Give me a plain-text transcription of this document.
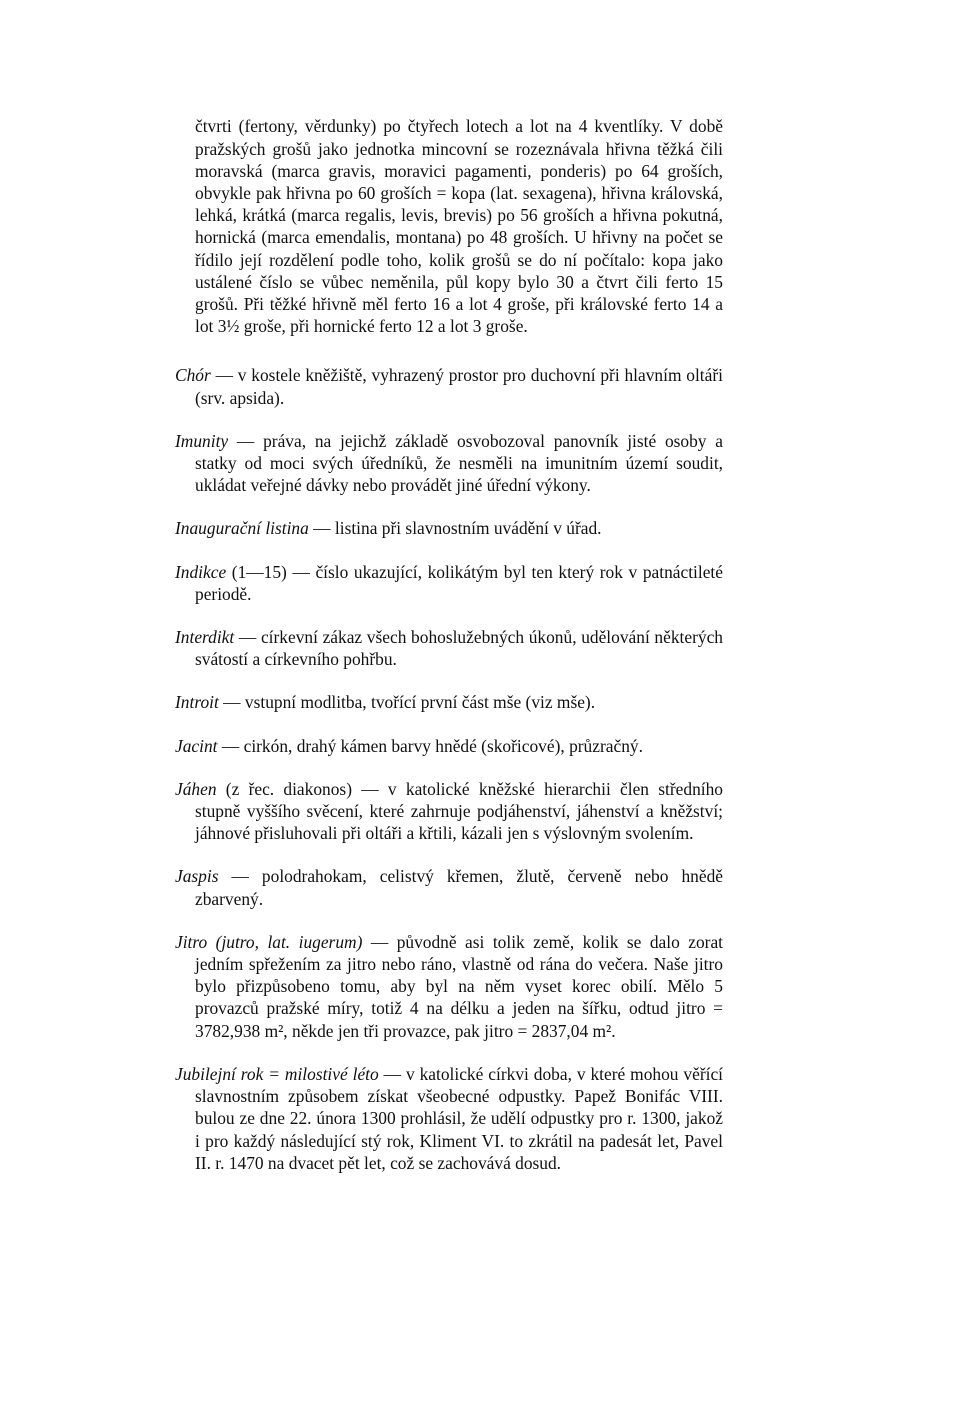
čtvrti (fertony, věrdunky) po čtyřech lotech a lot na 4 kventlíky. V době pražských grošů jako jednotka mincovní se rozeznávala hřivna těžká čili moravská (marca gravis, moravici pagamenti, ponderis) po 64 groších, obvykle pak hřivna po 60 groších = kopa (lat. sexagena), hřivna královská, lehká, krátká (marca regalis, levis, brevis) po 56 groších a hřivna pokutná, hornická (marca emendalis, montana) po 48 groších. U hřivny na počet se řídilo její rozdělení podle toho, kolik grošů se do ní počítalo: kopa jako ustálené číslo se vůbec neměnila, půl kopy bylo 30 a čtvrt čili ferto 15 grošů. Při těžké hřivně měl ferto 16 a lot 4 groše, při královské ferto 14 a lot 3½ groše, při hornické ferto 12 a lot 3 groše.

Chór — v kostele kněžiště, vyhrazený prostor pro duchovní při hlavním oltáři (srv. apsida).
Imunity — práva, na jejichž základě osvobozoval panovník jisté osoby a statky od moci svých úředníků, že nesměli na imunitním území soudit, ukládat veřejné dávky nebo provádět jiné úřední výkony.
Inaugurační listina — listina při slavnostním uvádění v úřad.
Indikce (1—15) — číslo ukazující, kolikátým byl ten který rok v patnáctileté periodě.
Interdikt — církevní zákaz všech bohoslužebných úkonů, udělování některých svátostí a církevního pohřbu.
Introit — vstupní modlitba, tvořící první část mše (viz mše).
Jacint — cirkón, drahý kámen barvy hnědé (skořicové), průzračný.
Jáhen (z řec. diakonos) — v katolické kněžské hierarchii člen středního stupně vyššího svěcení, které zahrnuje podjáhenství, jáhenství a kněžství; jáhnové přisluhovali při oltáři a křtili, kázali jen s výslovným svolením.
Jaspis — polodrahokam, celistvý křemen, žlutě, červeně nebo hnědě zbarvený.
Jitro (jutro, lat. iugerum) — původně asi tolik země, kolik se dalo zorat jedním spřežením za jitro nebo ráno, vlastně od rána do večera. Naše jitro bylo přizpůsobeno tomu, aby byl na něm vyset korec obilí. Mělo 5 provazců pražské míry, totiž 4 na délku a jeden na šířku, odtud jitro = 3782,938 m², někde jen tři provazce, pak jitro = 2837,04 m².
Jubilejní rok = milostivé léto — v katolické církvi doba, v které mohou věřící slavnostním způsobem získat všeobecné odpustky. Papež Bonifác VIII. bulou ze dne 22. února 1300 prohlásil, že udělí odpustky pro r. 1300, jakož i pro každý následující stý rok, Kliment VI. to zkrátil na padesát let, Pavel II. r. 1470 na dvacet pět let, což se zachovává dosud.
